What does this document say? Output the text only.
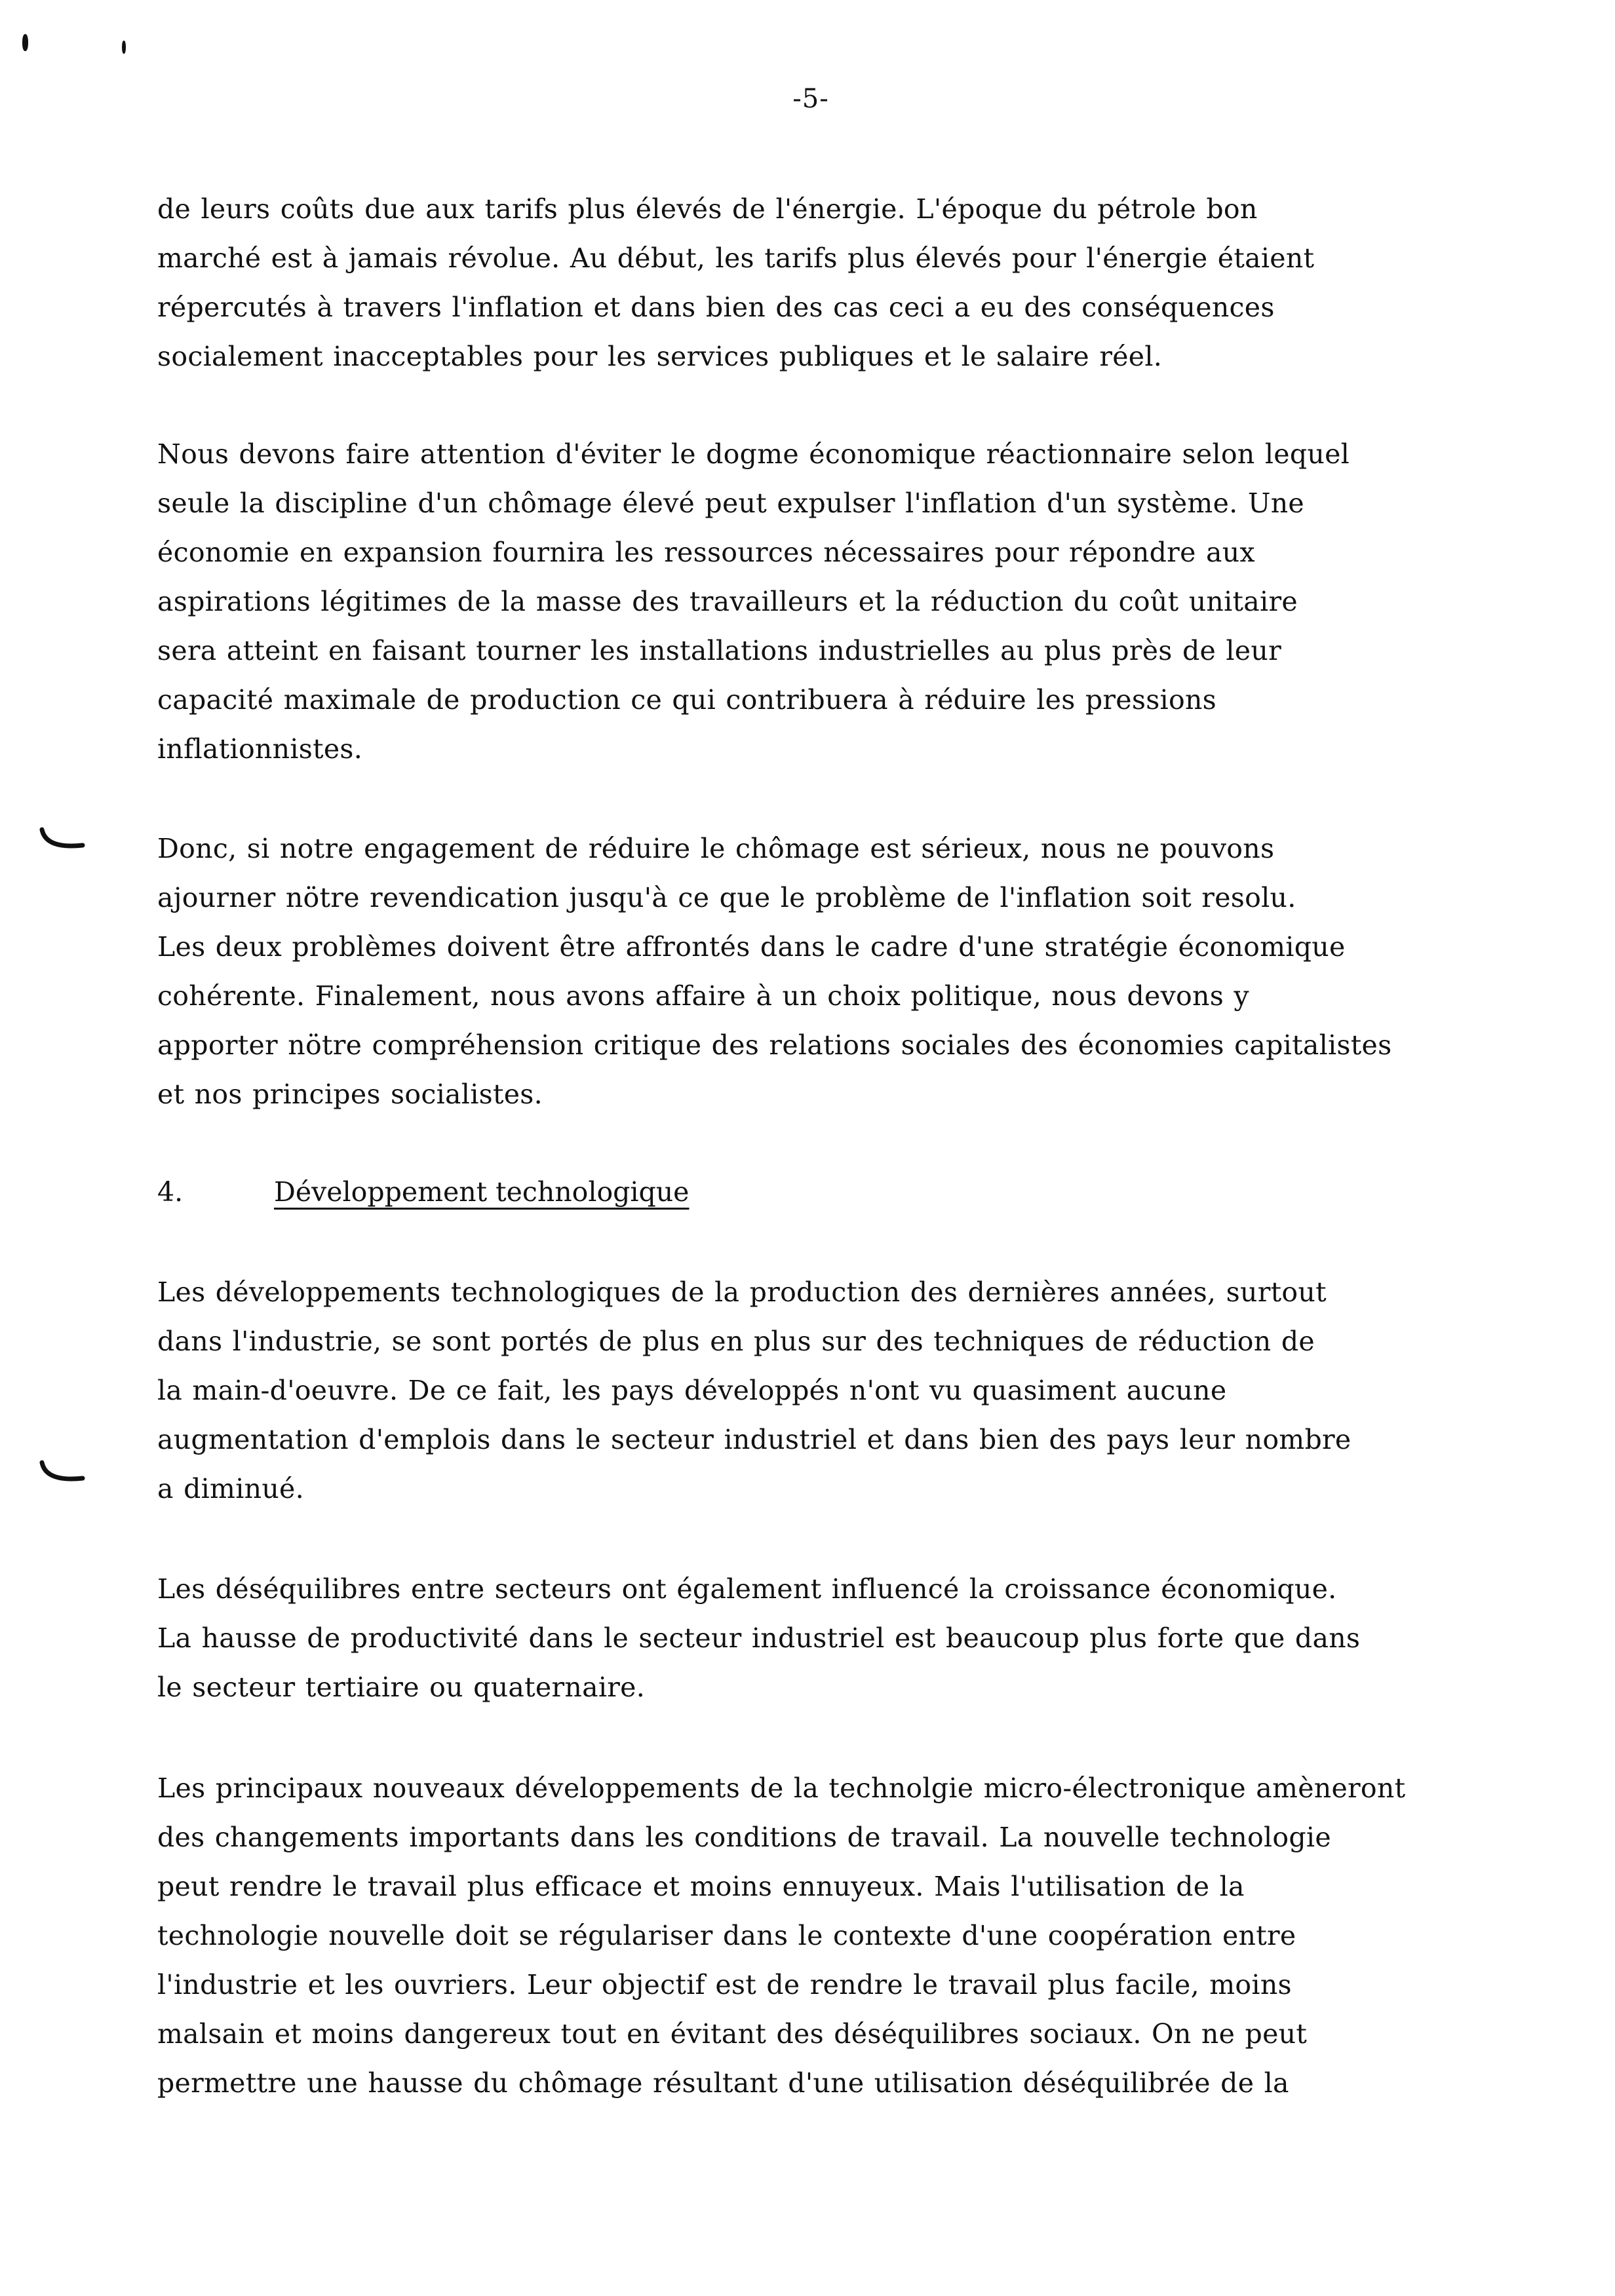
-5-
de leurs coûts due aux tarifs plus élevés de l'énergie. L'époque du pétrole bon
marché est à jamais révolue. Au début, les tarifs plus élevés pour l'énergie étaient
répercutés à travers l'inflation et dans bien des cas ceci a eu des conséquences
socialement inacceptables pour les services publiques et le salaire réel.
Nous devons faire attention d'éviter le dogme économique réactionnaire selon lequel
seule la discipline d'un chômage élevé peut expulser l'inflation d'un système. Une
économie en expansion fournira les ressources nécessaires pour répondre aux
aspirations légitimes de la masse des travailleurs et la réduction du coût unitaire
sera atteint en faisant tourner les installations industrielles au plus près de leur
capacité maximale de production ce qui contribuera à réduire les pressions
inflationnistes.
Donc, si notre engagement de réduire le chômage est sérieux, nous ne pouvons
ajourner nötre revendication jusqu'à ce que le problème de l'inflation soit resolu.
Les deux problèmes doivent être affrontés dans le cadre d'une stratégie économique
cohérente. Finalement, nous avons affaire à un choix politique, nous devons y
apporter nötre compréhension critique des relations sociales des économies capitalistes
et nos principes socialistes.
4.	Développement technologique
Les développements technologiques de la production des dernières années, surtout
dans l'industrie, se sont portés de plus en plus sur des techniques de réduction de
la main-d'oeuvre. De ce fait, les pays développés n'ont vu quasiment aucune
augmentation d'emplois dans le secteur industriel et dans bien des pays leur nombre
a diminué.
Les déséquilibres entre secteurs ont également influencé la croissance économique.
La hausse de productivité dans le secteur industriel est beaucoup plus forte que dans
le secteur tertiaire ou quaternaire.
Les principaux nouveaux développements de la technolgie micro-électronique amèneront
des changements importants dans les conditions de travail. La nouvelle technologie
peut rendre le travail plus efficace et moins ennuyeux. Mais l'utilisation de la
technologie nouvelle doit se régulariser dans le contexte d'une coopération entre
l'industrie et les ouvriers. Leur objectif est de rendre le travail plus facile, moins
malsain et moins dangereux tout en évitant des déséquilibres sociaux. On ne peut
permettre une hausse du chômage résultant d'une utilisation déséquilibrée de la
